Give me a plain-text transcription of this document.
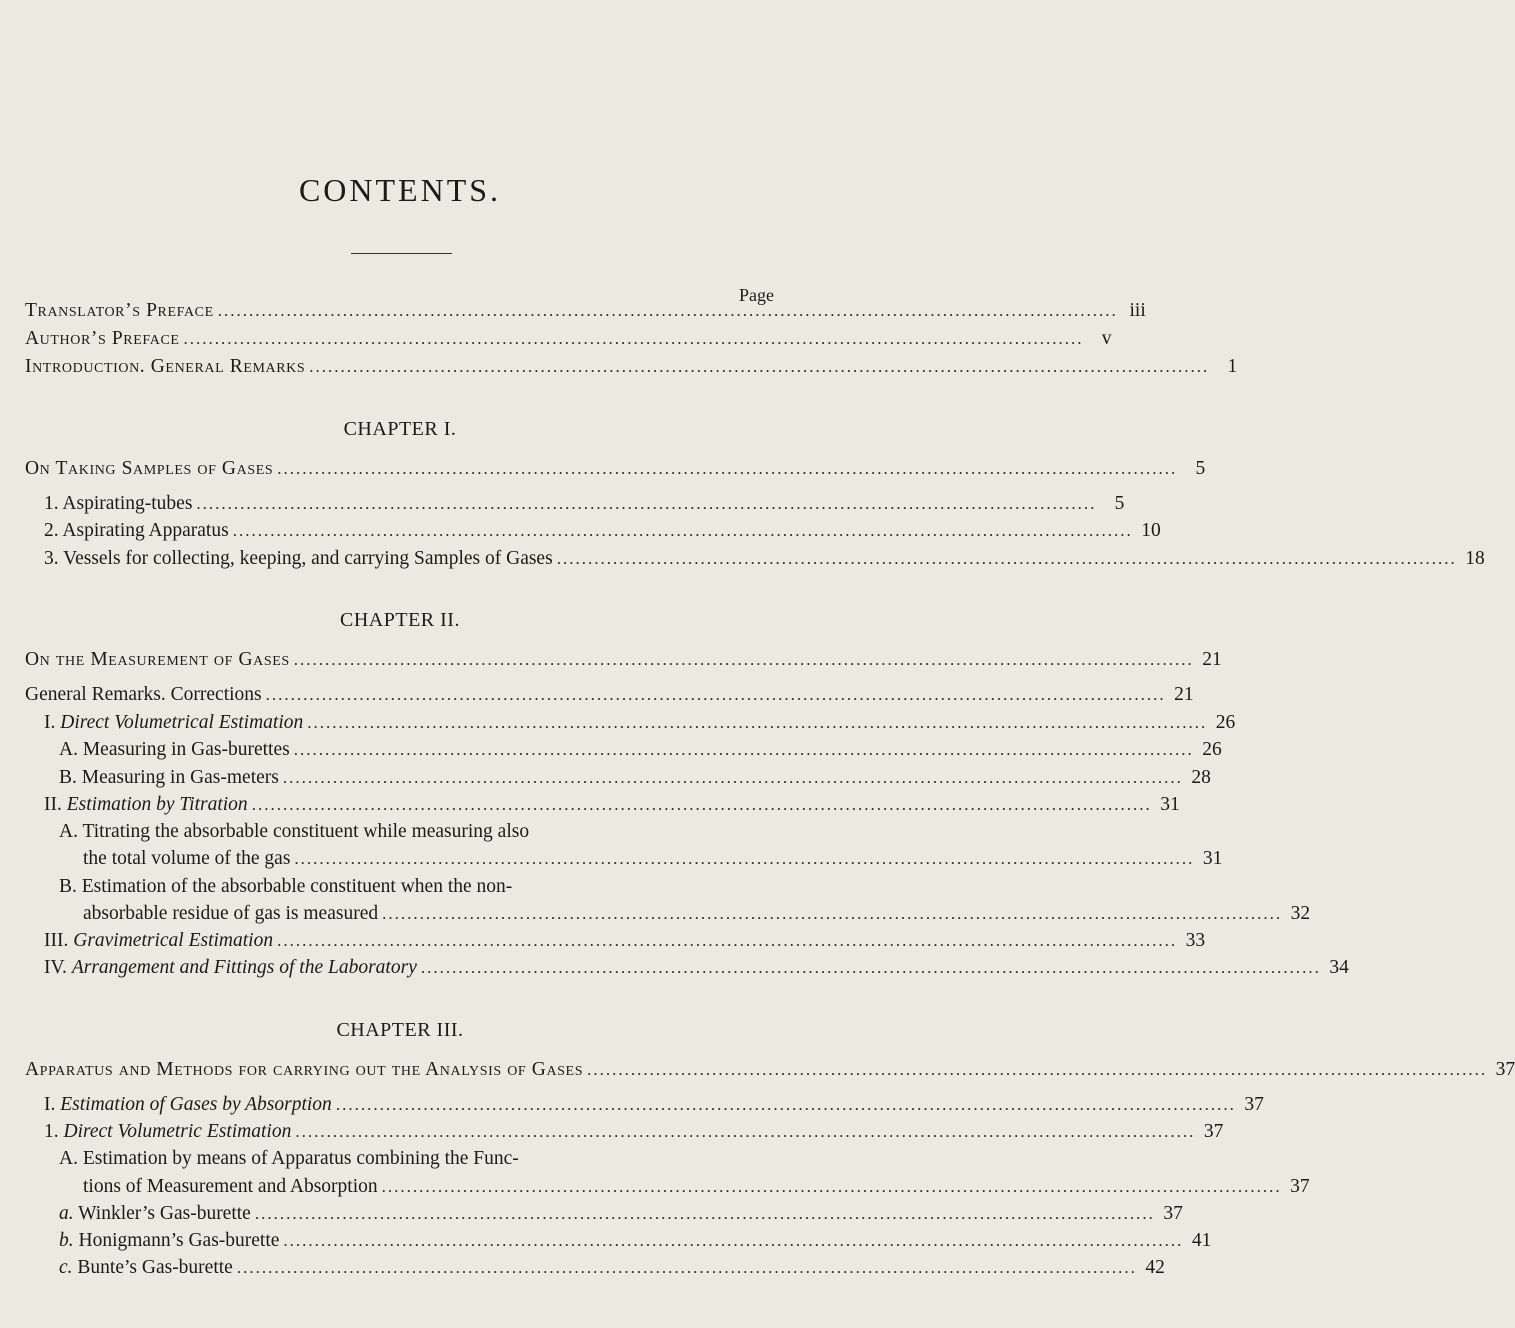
CONTENTS.
Page
Translator’s Preface ................................................................................................................................................ iii
Author’s Preface ................................................................................................................................................ v
Introduction. General Remarks ................................................................................................................................................ 1
CHAPTER I.
On Taking Samples of Gases ................................................................................................................................................ 5
1. Aspirating-tubes ................................................................................................................................................ 5
2. Aspirating Apparatus ................................................................................................................................................ 10
3. Vessels for collecting, keeping, and carrying Samples of Gases ................................................................................................................................................ 18
CHAPTER II.
On the Measurement of Gases ................................................................................................................................................ 21
General Remarks. Corrections ................................................................................................................................................ 21
I. Direct Volumetrical Estimation ................................................................................................................................................ 26
A. Measuring in Gas-burettes ................................................................................................................................................ 26
B. Measuring in Gas-meters ................................................................................................................................................ 28
II. Estimation by Titration ................................................................................................................................................ 31
A. Titrating the absorbable constituent while measuring also
the total volume of the gas ................................................................................................................................................ 31
B. Estimation of the absorbable constituent when the non-
absorbable residue of gas is measured ................................................................................................................................................ 32
III. Gravimetrical Estimation ................................................................................................................................................ 33
IV. Arrangement and Fittings of the Laboratory ................................................................................................................................................ 34
CHAPTER III.
Apparatus and Methods for carrying out the Analysis of Gases ................................................................................................................................................ 37
I. Estimation of Gases by Absorption ................................................................................................................................................ 37
1. Direct Volumetric Estimation ................................................................................................................................................ 37
A. Estimation by means of Apparatus combining the Func-
tions of Measurement and Absorption ................................................................................................................................................ 37
a. Winkler’s Gas-burette ................................................................................................................................................ 37
b. Honigmann’s Gas-burette ................................................................................................................................................ 41
c. Bunte’s Gas-burette ................................................................................................................................................ 42
